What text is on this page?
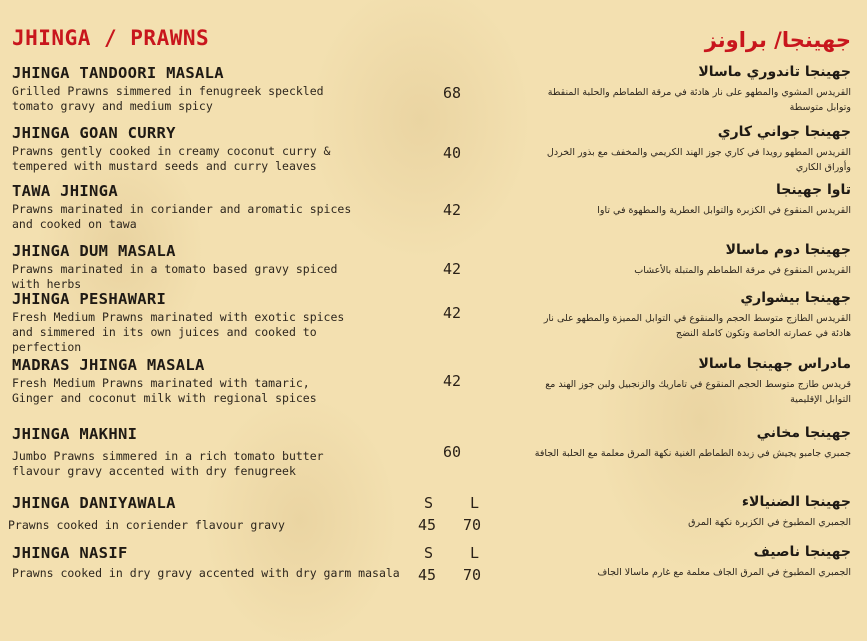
JHINGA / PRAWNS	جهينجا/ براونز
JHINGA TANDOORI MASALA
Grilled Prawns simmered in fenugreek speckled tomato gravy and medium spicy
68
جهينجا تاندوري ماسالا
القريدس المشوي والمطهو على نار هادئة في مرقة الطماطم والحلبة المنقطة وتوابل متوسطة
JHINGA GOAN CURRY
Prawns gently cooked in creamy coconut curry & tempered with mustard seeds and curry leaves
40
جهينجا جواني كاري
القريدس المطهو رويدا في كاري جوز الهند الكريمي والمخفف مع بذور الخردل وأوراق الكاري
TAWA JHINGA
Prawns marinated in coriander and aromatic spices and cooked on tawa
42
تاوا جهينجا
القريدس المنقوع في الكزبرة والتوابل العطرية والمطهوة في تاوا
JHINGA DUM MASALA
Prawns marinated in a tomato based gravy spiced with herbs
42
جهينجا دوم ماسالا
القريدس المنقوع في مرقة الطماطم والمتبلة بالأعشاب
JHINGA PESHAWARI
Fresh Medium Prawns marinated with exotic spices and simmered in its own juices and cooked to perfection
42
جهينجا بيشواري
القريدس الطازج متوسط الحجم والمنقوع في التوابل المميزة والمطهو على نار هادئة في عصارته الخاصة وتكون كاملة النضج
MADRAS JHINGA MASALA
Fresh Medium Prawns marinated with tamaric, Ginger and coconut milk with regional spices
42
مادراس جهينجا ماسالا
قريدس طازج متوسط الحجم المنقوع في تاماريك والزنجبيل ولبن جوز الهند مع التوابل الإقليمية
JHINGA MAKHNI
Jumbo Prawns simmered in a rich tomato butter flavour gravy accented with dry fenugreek
60
جهينجا مخاني
جمبري جامبو يجيش في زبدة الطماطم الغنية نكهة المرق معلمة مع الحلبة الجافة
JHINGA DANIYAWALA
Prawns cooked in coriender flavour gravy
S L
45 70
جهينجا الضنيالاء
الجمبري المطبوخ في الكزبرة نكهة المرق
JHINGA NASIF
Prawns cooked in dry gravy accented with dry garm masala
S L
45 70
جهينجا ناصيف
الجمبري المطبوخ في المرق الجاف معلمة مع غارم ماسالا الجاف
